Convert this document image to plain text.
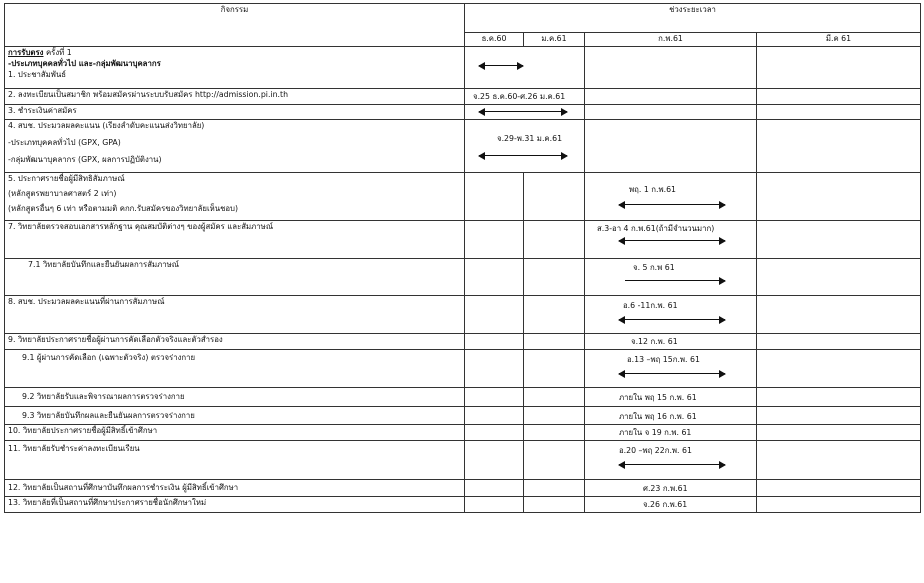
กิจกรรม	ช่วงระยะเวลา			
	ธ.ค.60	ม.ค.61	ก.พ.61	มี.ค 61

การรับตรง ครั้งที่ 1
-ประเภทบุคคลทั่วไป และ-กลุ่มพัฒนาบุคลากร
1. ประชาสัมพันธ์				

2. ลงทะเบียนเป็นสมาชิก พร้อมสมัครผ่านระบบรับสมัคร http://admission.pi.in.th	จ.25 ธ.ค.60-ศ.26 ม.ค.61			

3. ชำระเงินค่าสมัคร		

4. สบช. ประมวลผลคะแนน (เรียงลำดับคะแนนส่งวิทยาลัย)
-ประเภทบุคคลทั่วไป (GPX, GPA)
-กลุ่มพัฒนาบุคลากร (GPX, ผลการปฏิบัติงาน)	จ.29-พ.31 ม.ค.61			

5. ประกาศรายชื่อผู้มีสิทธิสัมภาษณ์
(หลักสูตรพยาบาลศาสตร์ 2 เท่า)
(หลักสูตรอื่นๆ 6 เท่า หรือตามมติ คกก.รับสมัครของวิทยาลัยเห็นชอบ)			พฤ. 1 ก.พ.61	

7. วิทยาลัยตรวจสอบเอกสารหลักฐาน คุณสมบัติต่างๆ ของผู้สมัคร และสัมภาษณ์			ส.3-อา 4 ก.พ.61(ถ้ามีจำนวนมาก)	

7.1 วิทยาลัยบันทึกและยืนยันผลการสัมภาษณ์			จ. 5 ก.พ 61	

8. สบช. ประมวลผลคะแนนที่ผ่านการสัมภาษณ์			อ.6 -11ก.พ. 61	

9. วิทยาลัยประกาศรายชื่อผู้ผ่านการคัดเลือกตัวจริงและตัวสำรอง			จ.12 ก.พ. 61	

9.1 ผู้ผ่านการคัดเลือก (เฉพาะตัวจริง) ตรวจร่างกาย			อ.13 –พฤ 15ก.พ. 61	

9.2 วิทยาลัยรับและพิจารณาผลการตรวจร่างกาย			ภายใน พฤ 15 ก.พ. 61	

9.3 วิทยาลัยบันทึกผลและยืนยันผลการตรวจร่างกาย			ภายใน พฤ 16 ก.พ. 61	

10. วิทยาลัยประกาศรายชื่อผู้มีสิทธิ์เข้าศึกษา			ภายใน จ 19 ก.พ. 61	

11. วิทยาลัยรับชำระค่าลงทะเบียนเรียน			อ.20 –พฤ 22ก.พ. 61	

12. วิทยาลัยเป็นสถานที่ศึกษาบันทึกผลการชำระเงิน ผู้มีสิทธิ์เข้าศึกษา			ศ.23 ก.พ.61	

13. วิทยาลัยที่เป็นสถานที่ศึกษาประกาศรายชื่อนักศึกษาใหม่			จ.26 ก.พ.61	
